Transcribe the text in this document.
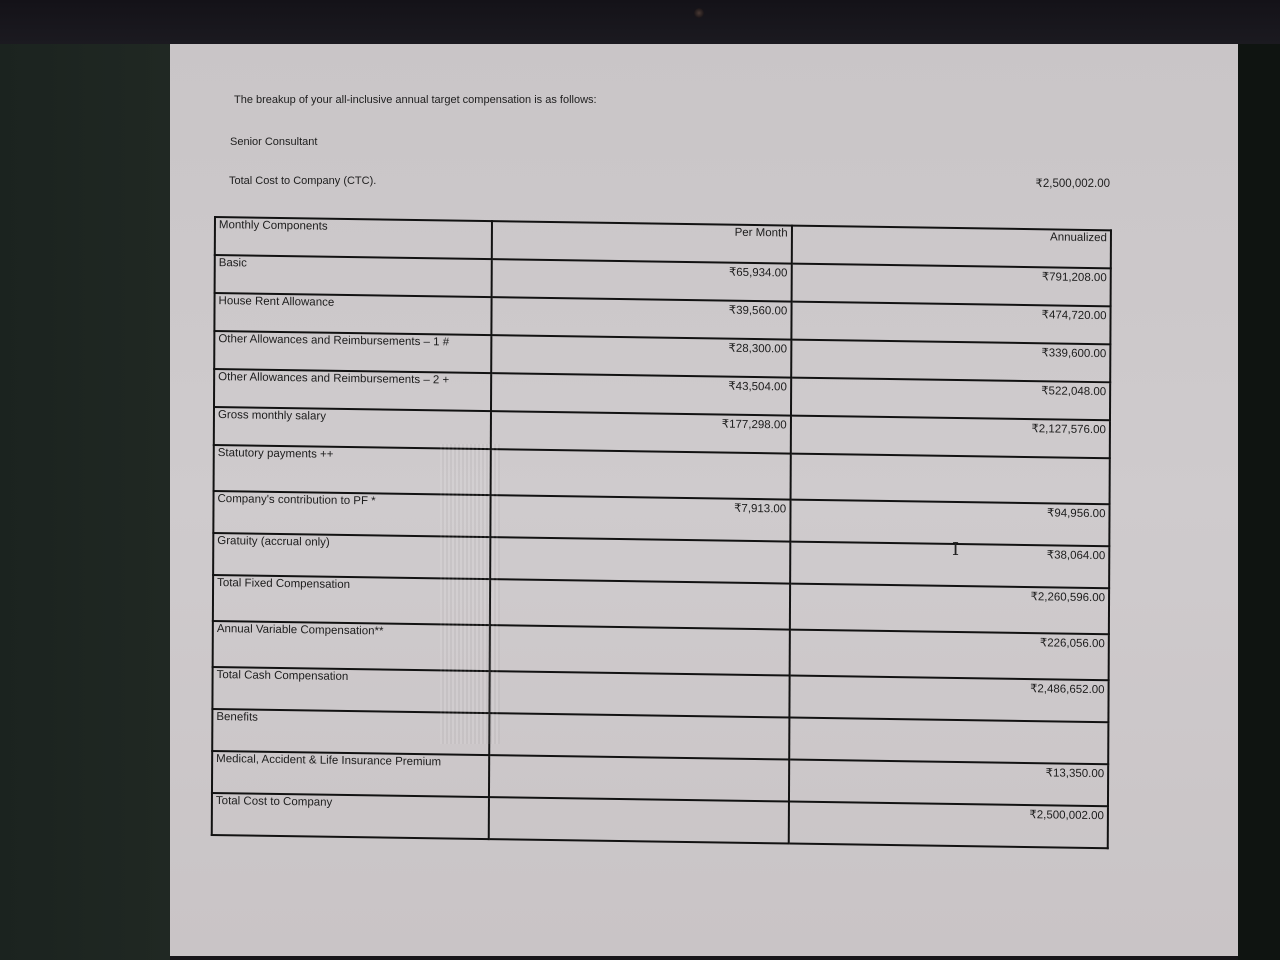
The breakup of your all-inclusive annual target compensation is as follows:
Senior Consultant
Total Cost to Company (CTC).	₹2,500,002.00
Monthly Components	Per Month	Annualized
Basic	₹65,934.00	₹791,208.00
House Rent Allowance	₹39,560.00	₹474,720.00
Other Allowances and Reimbursements – 1 #	₹28,300.00	₹339,600.00
Other Allowances and Reimbursements – 2 +	₹43,504.00	₹522,048.00
Gross monthly salary	₹177,298.00	₹2,127,576.00
Statutory payments ++		
Company's contribution to PF *	₹7,913.00	₹94,956.00
Gratuity (accrual only)		₹38,064.00
Total Fixed Compensation		₹2,260,596.00
Annual Variable Compensation**		₹226,056.00
Total Cash Compensation		₹2,486,652.00
Benefits		
Medical, Accident & Life Insurance Premium		₹13,350.00
Total Cost to Company		₹2,500,002.00
I
